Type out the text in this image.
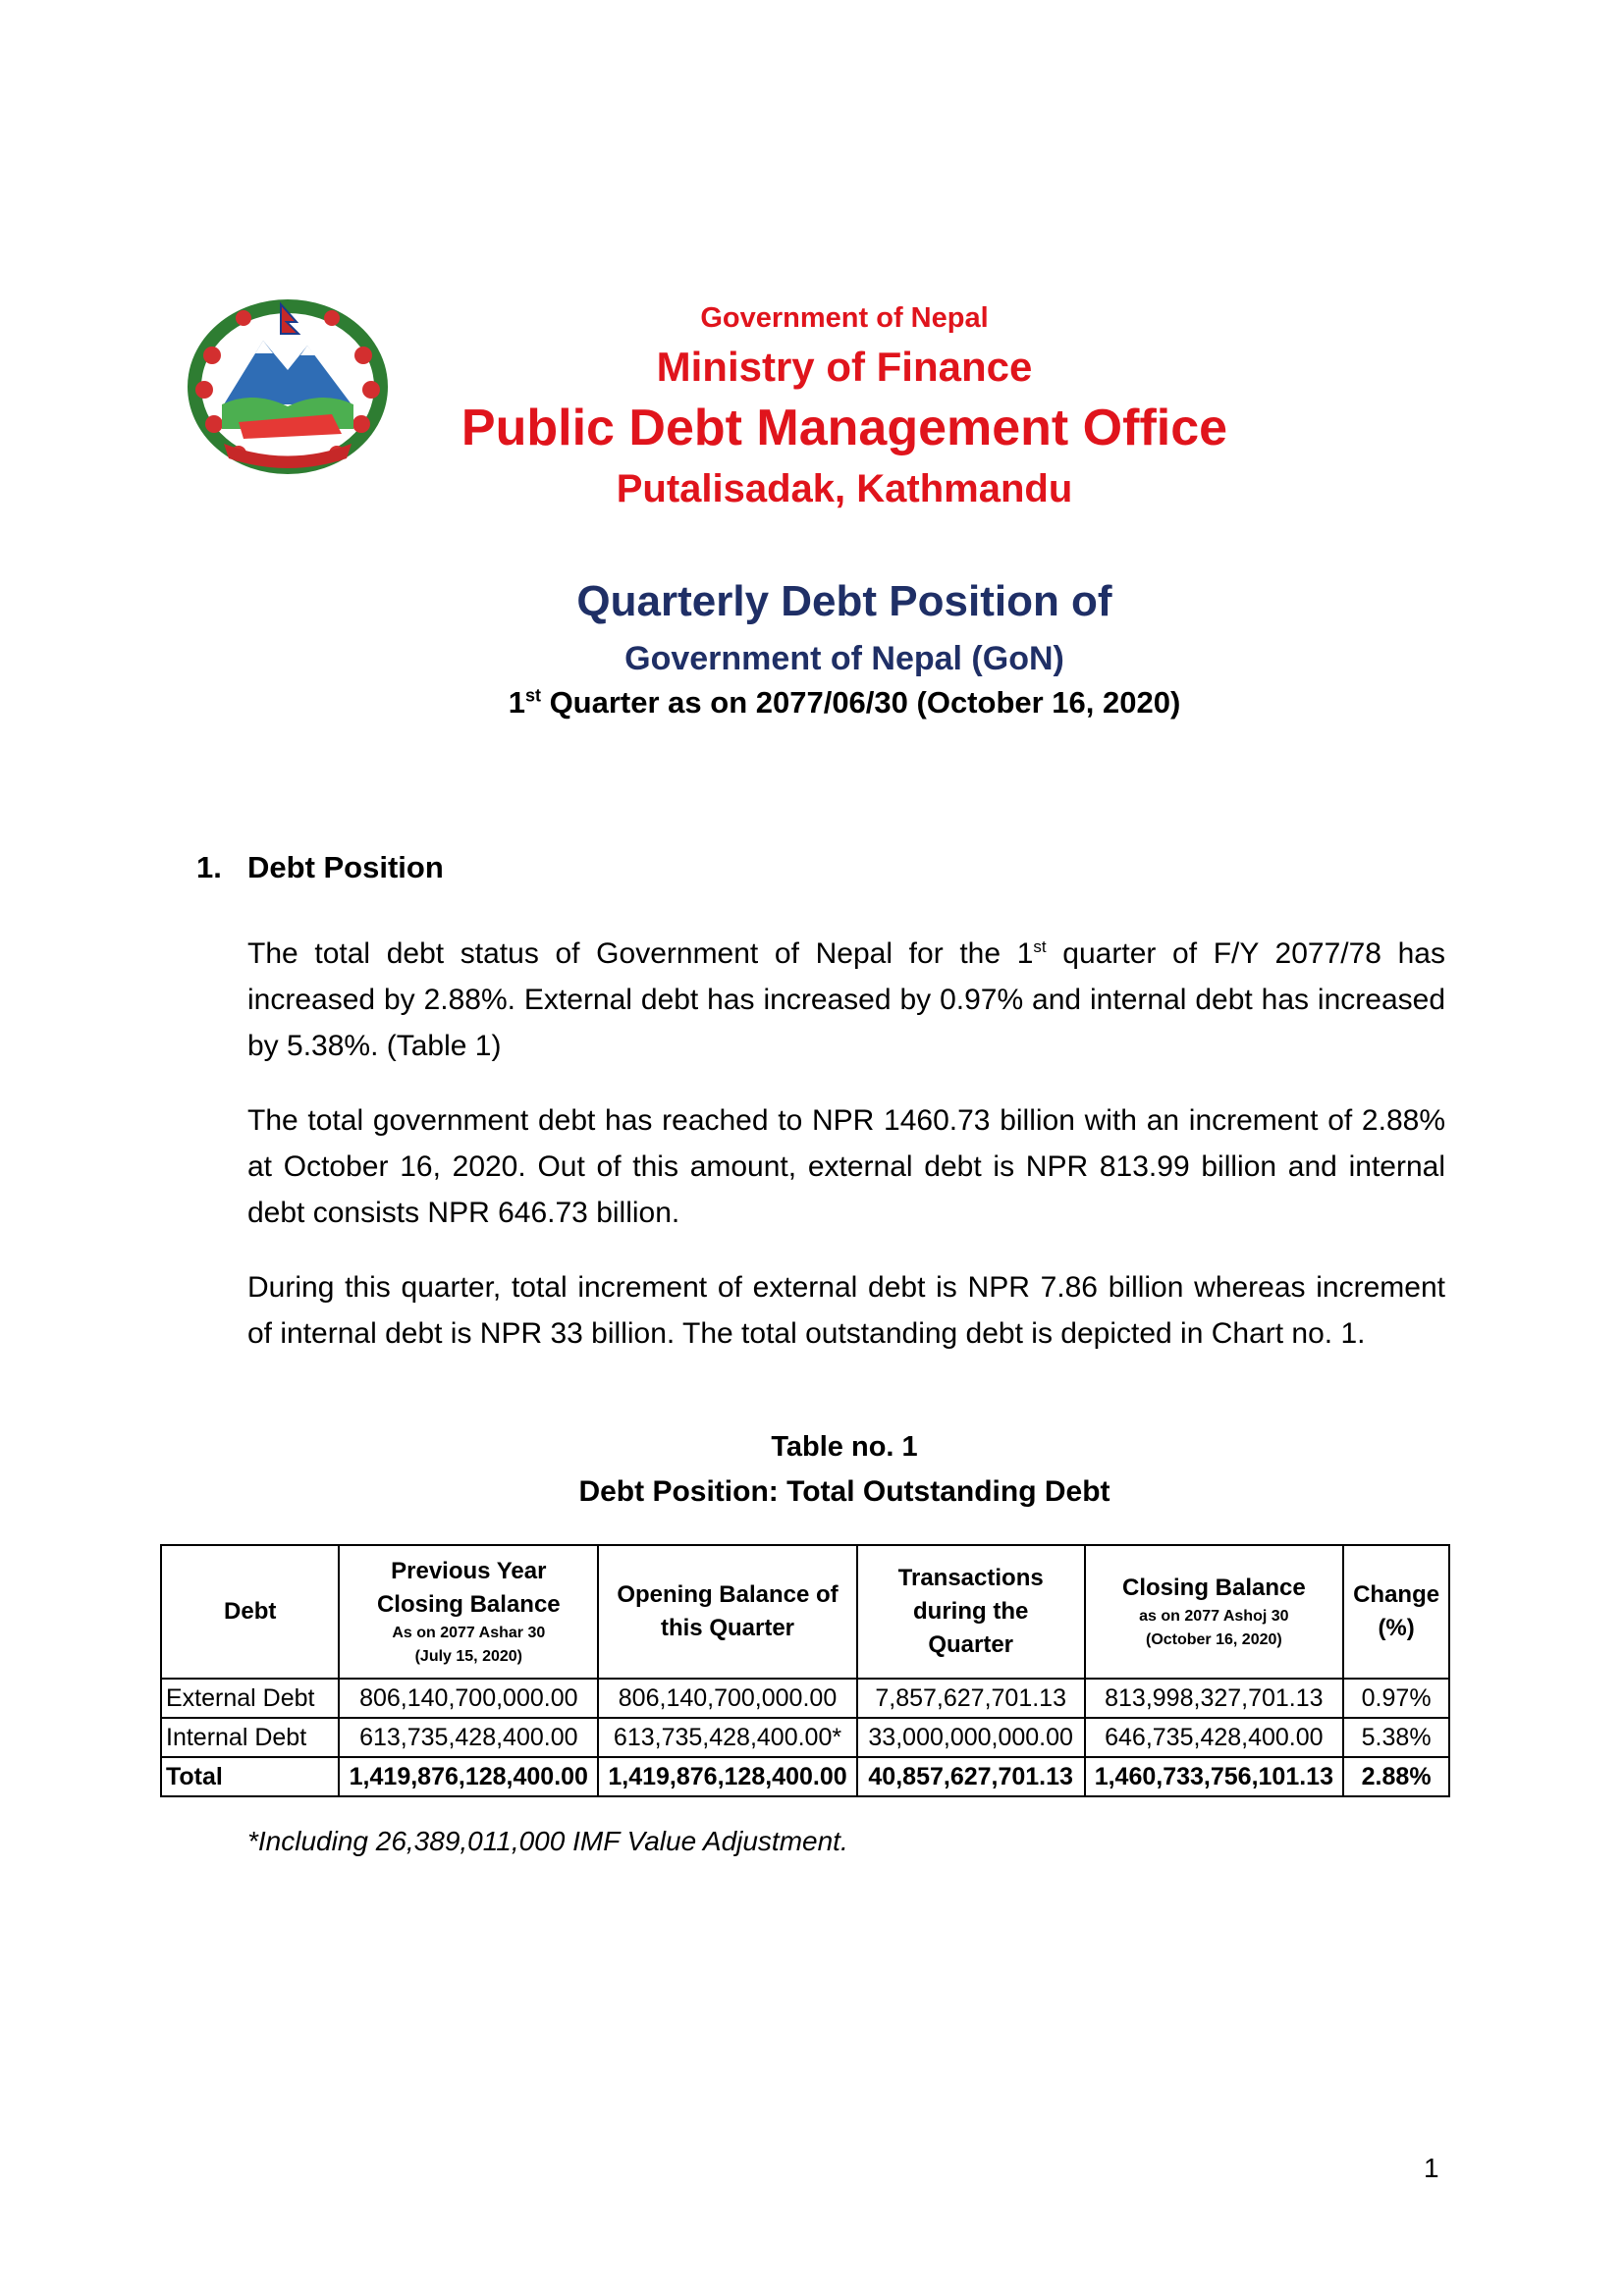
Government of Nepal
Ministry of Finance
Public Debt Management Office
Putalisadak, Kathmandu
Quarterly Debt Position of
Government of Nepal (GoN)
1st Quarter as on 2077/06/30 (October 16, 2020)
1. Debt Position

The total debt status of Government of Nepal for the 1st quarter of F/Y 2077/78 has increased by 2.88%. External debt has increased by 0.97% and internal debt has increased by 5.38%. (Table 1)

The total government debt has reached to NPR 1460.73 billion with an increment of 2.88% at October 16, 2020. Out of this amount, external debt is NPR 813.99 billion and internal debt consists NPR 646.73 billion.

During this quarter, total increment of external debt is NPR 7.86 billion whereas increment of internal debt is NPR 33 billion. The total outstanding debt is depicted in Chart no. 1.

Table no. 1
Debt Position: Total Outstanding Debt
Debt	Previous Year
Closing Balance
As on 2077 Ashar 30
(July 15, 2020)	Opening Balance of
this Quarter	Transactions
during the
Quarter	Closing Balance
as on 2077 Ashoj 30
(October 16, 2020)	Change
(%)

External Debt	806,140,700,000.00	806,140,700,000.00	7,857,627,701.13	813,998,327,701.13	0.97%
Internal Debt	613,735,428,400.00	613,735,428,400.00*	33,000,000,000.00	646,735,428,400.00	5.38%
Total	1,419,876,128,400.00	1,419,876,128,400.00	40,857,627,701.13	1,460,733,756,101.13	2.88%
*Including 26,389,011,000 IMF Value Adjustment.
1
